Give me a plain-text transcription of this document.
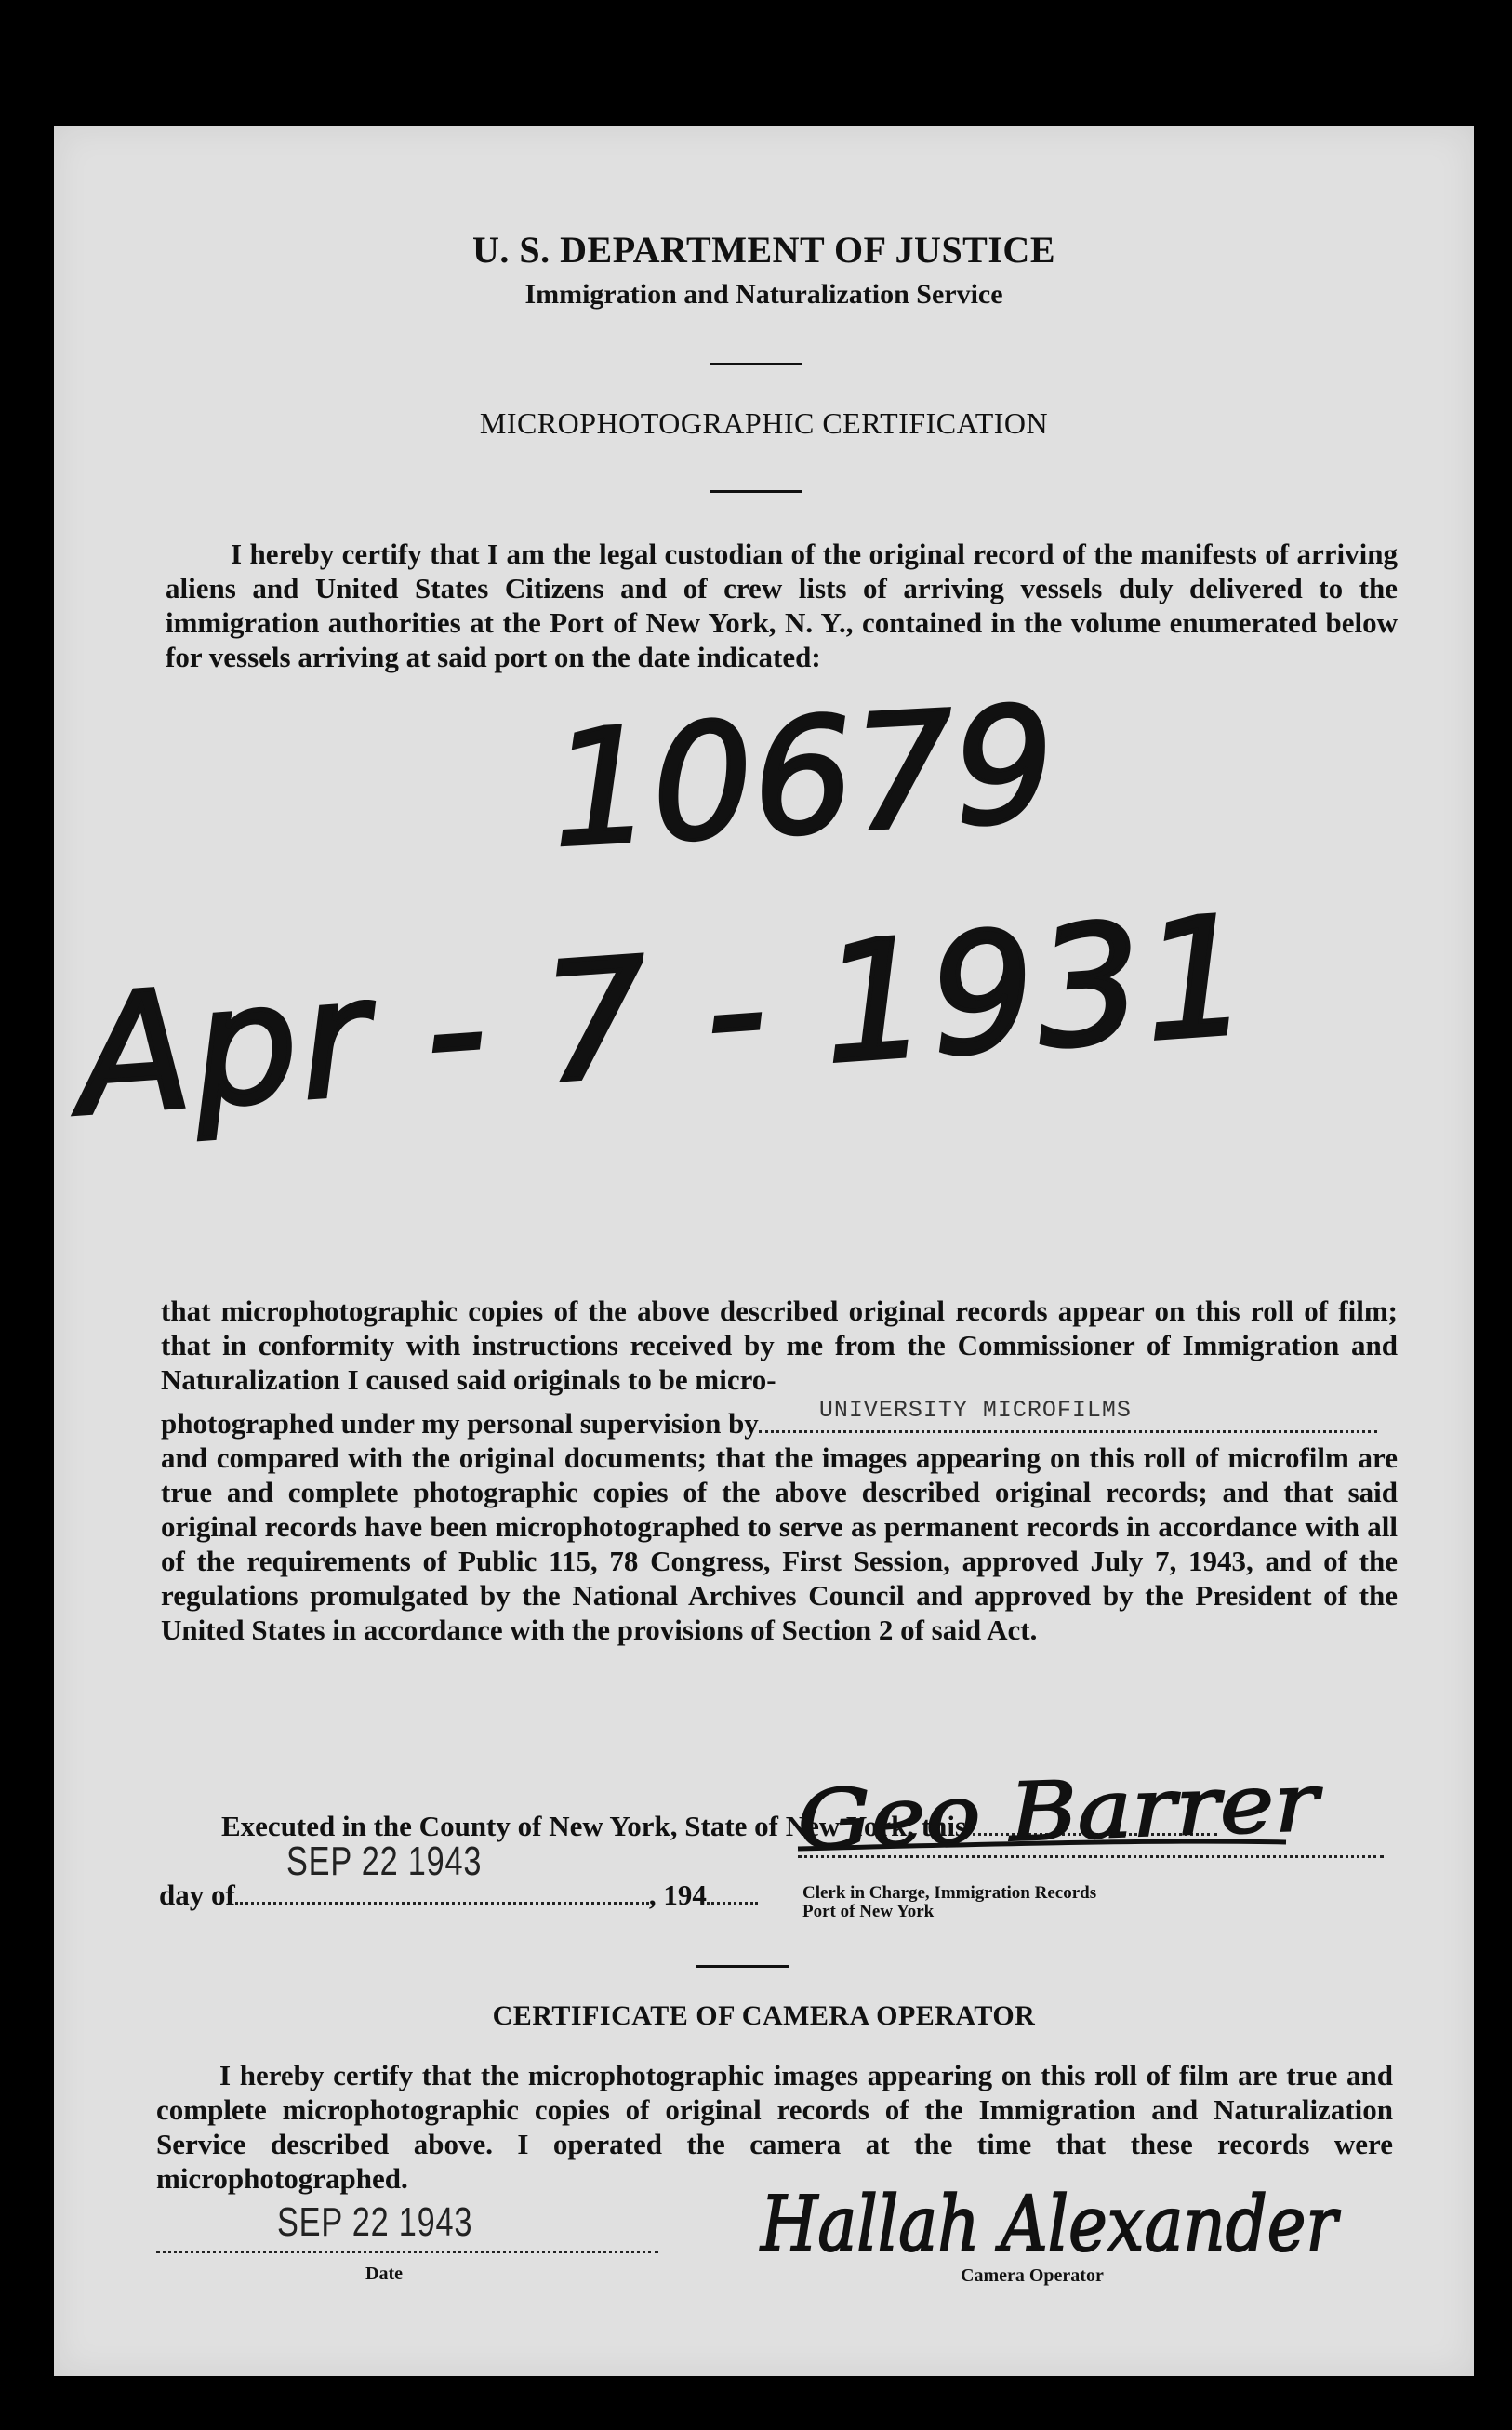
U. S. DEPARTMENT OF JUSTICE
Immigration and Naturalization Service
MICROPHOTOGRAPHIC CERTIFICATION
I hereby certify that I am the legal custodian of the original record of the manifests of arriving aliens and United States Citizens and of crew lists of arriving vessels duly delivered to the immigration authorities at the Port of New York, N. Y., contained in the volume enumerated below for vessels arriving at said port on the date indicated:
10679
Apr - 7 - 1931
that microphotographic copies of the above described original records appear on this roll of film; that in conformity with instructions received by me from the Commissioner of Immigration and Naturalization I caused said originals to be micro-
photographed under my personal supervision by	UNIVERSITY MICROFILMS
and compared with the original documents; that the images appearing on this roll of microfilm are true and complete photographic copies of the above described original records; and that said original records have been microphotographed to serve as permanent records in accordance with all of the requirements of Public 115, 78 Congress, First Session, approved July 7, 1943, and of the regulations promulgated by the National Archives Council and approved by the President of the United States in accordance with the provisions of Section 2 of said Act.
Executed in the County of New York, State of New York, this
day of
SEP 22 1943
, 194
Geo Barrer
Clerk in Charge, Immigration Records
Port of New York
CERTIFICATE OF CAMERA OPERATOR
I hereby certify that the microphotographic images appearing on this roll of film are true and complete microphotographic copies of original records of the Immigration and Naturalization Service described above. I operated the camera at the time that these records were microphotographed.
SEP 22 1943
Date
Hallah Alexander
Camera Operator
